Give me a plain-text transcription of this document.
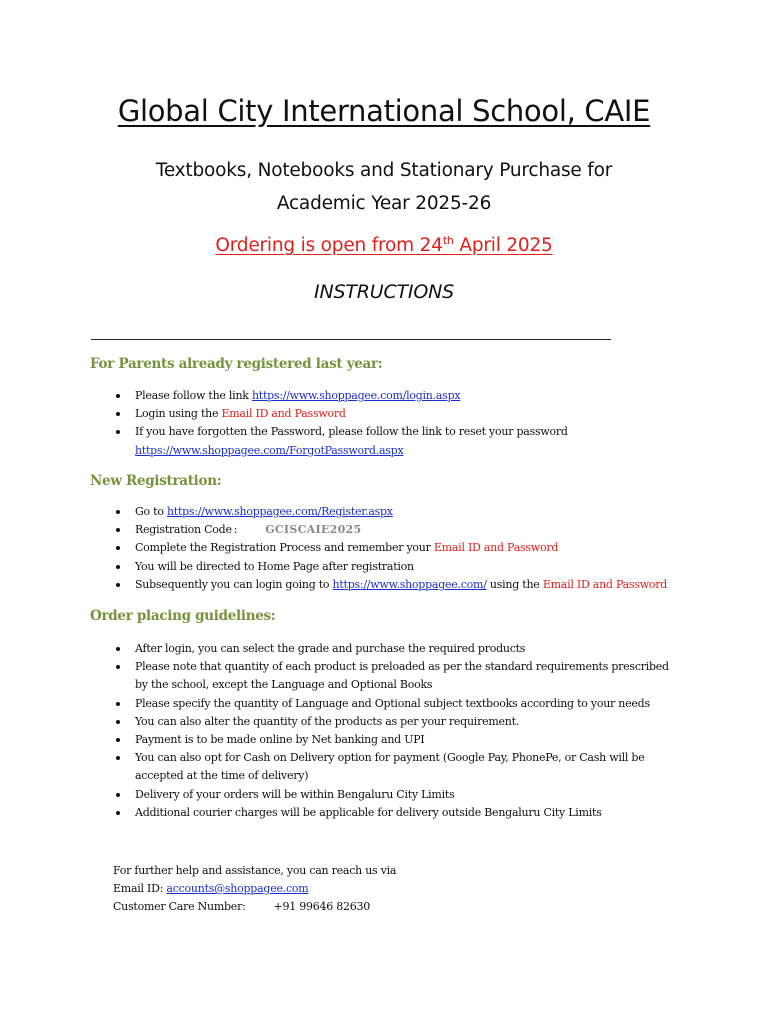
Global City International School, CAIE
Textbooks, Notebooks and Stationary Purchase for
Academic Year 2025-26
Ordering is open from 24th April 2025
INSTRUCTIONS
For Parents already registered last year:
Please follow the link https://www.shoppagee.com/login.aspx
Login using the Email ID and Password
If you have forgotten the Password, please follow the link to reset your password
https://www.shoppagee.com/ForgotPassword.aspx
New Registration:
Go to https://www.shoppagee.com/Register.aspx
Registration Code :	GCISCAIE2025
Complete the Registration Process and remember your Email ID and Password
You will be directed to Home Page after registration
Subsequently you can login going to https://www.shoppagee.com/ using the Email ID and Password
Order placing guidelines:
After login, you can select the grade and purchase the required products
Please note that quantity of each product is preloaded as per the standard requirements prescribed
by the school, except the Language and Optional Books
Please specify the quantity of Language and Optional subject textbooks according to your needs
You can also alter the quantity of the products as per your requirement.
Payment is to be made online by Net banking and UPI
You can also opt for Cash on Delivery option for payment (Google Pay, PhonePe, or Cash will be
accepted at the time of delivery)
Delivery of your orders will be within Bengaluru City Limits
Additional courier charges will be applicable for delivery outside Bengaluru City Limits
For further help and assistance, you can reach us via
Email ID: accounts@shoppagee.com
Customer Care Number:	+91 99646 82630
